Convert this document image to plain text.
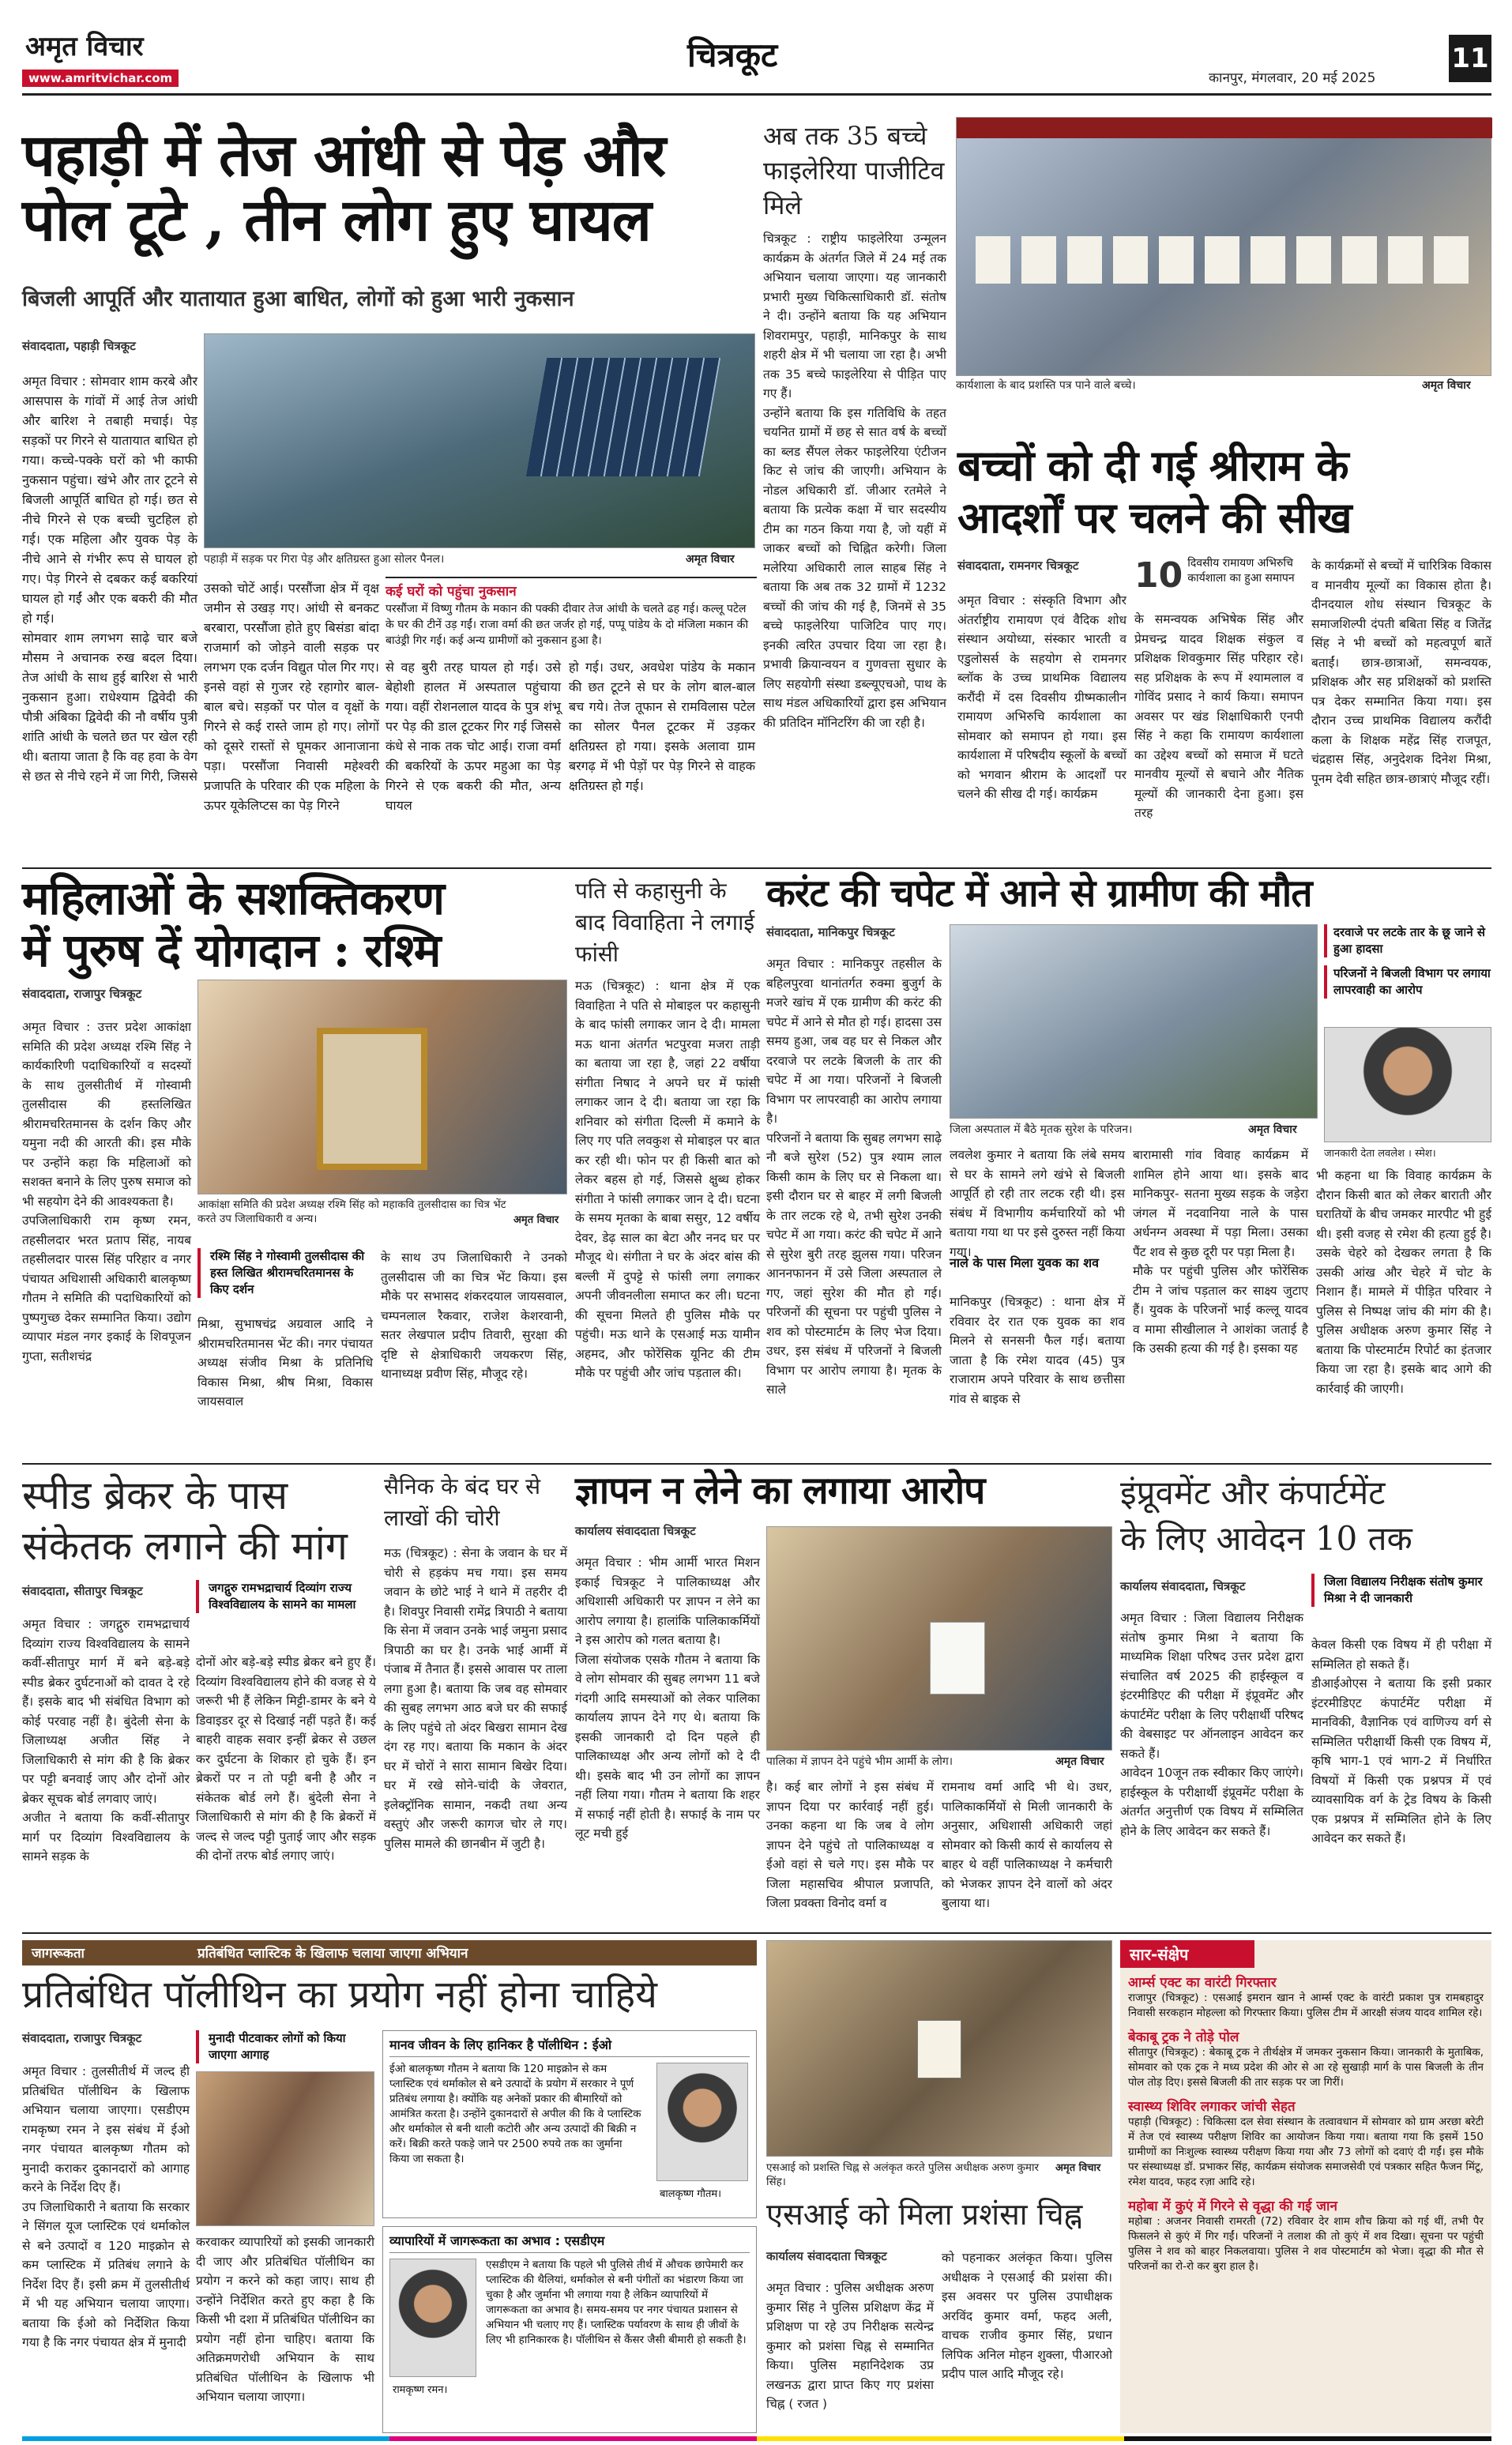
अमृत विचार
www.amritvichar.com
चित्रकूट
कानपुर, मंगलवार, 20 मई 2025
11
पहाड़ी में तेज आंधी से पेड़ और
पोल टूटे , तीन लोग हुए घायल
बिजली आपूर्ति और यातायात हुआ बाधित, लोगों को हुआ भारी नुकसान
संवाददाता, पहाड़ी चित्रकूट
अमृत विचार : सोमवार शाम करबे और आसपास के गांवों में आई तेज आंधी और बारिश ने तबाही मचाई। पेड़ सड़कों पर गिरने से यातायात बाधित हो गया। कच्चे-पक्के घरों को भी काफी नुकसान पहुंचा। खंभे और तार टूटने से बिजली आपूर्ति बाधित हो गई। छत से नीचे गिरने से एक बच्ची चुटहिल हो गई। एक महिला और युवक पेड़ के नीचे आने से गंभीर रूप से घायल हो गए। पेड़ गिरने से दबकर कई बकरियां घायल हो गईं और एक बकरी की मौत हो गई।
सोमवार शाम लगभग साढ़े चार बजे मौसम ने अचानक रुख बदल दिया। तेज आंधी के साथ हुई बारिश से भारी नुकसान हुआ। राधेश्याम द्विवेदी की पौत्री अंबिका द्विवेदी की नौ वर्षीय पुत्री शांति आंधी के चलते छत पर खेल रही थी। बताया जाता है कि वह हवा के वेग से छत से नीचे रहने में जा गिरी, जिससे
पहाड़ी में सड़क पर गिरा पेड़ और क्षतिग्रस्त हुआ सोलर पैनल।	अमृत विचार
उसको चोटें आई। परसौंजा क्षेत्र में वृक्ष जमीन से उखड़ गए। आंधी से बनकट बरबारा, परसौंजा होते हुए बिसंडा बांदा राजमार्ग को जोड़ने वाली सड़क पर लगभग एक दर्जन विद्युत पोल गिर गए। इनसे वहां से गुजर रहे रहागोर बाल-बाल बचे। सड़कों पर पोल व वृक्षों के गिरने से कई रास्ते जाम हो गए। लोगों को दूसरे रास्तों से घूमकर आनाजाना पड़ा। परसौंजा निवासी महेश्वरी प्रजापति के परिवार की एक महिला के ऊपर यूकेलिप्टस का पेड़ गिरने
कई घरों को पहुंचा नुकसान
परसौंजा में विष्णु गौतम के मकान की पक्की दीवार तेज आंधी के चलते ढह गई। कल्लू पटेल के घर की टीनें उड़ गईं। राजा वर्मा की छत जर्जर हो गई, पप्पू पांडेय के दो मंजिला मकान की बाउंड्री गिर गई। कई अन्य ग्रामीणों को नुकसान हुआ है।
से वह बुरी तरह घायल हो गई। उसे बेहोशी हालत में अस्पताल पहुंचाया गया। वहीं रोशनलाल यादव के पुत्र शंभू पर पेड़ की डाल टूटकर गिर गई जिससे कंधे से नाक तक चोट आई। राजा वर्मा की बकरियों के ऊपर महुआ का पेड़ गिरने से एक बकरी की मौत, अन्य घायल
हो गई। उधर, अवधेश पांडेय के मकान की छत टूटने से घर के लोग बाल-बाल बच गये। तेज तूफान से रामविलास पटेल का सोलर पैनल टूटकर में उड़कर क्षतिग्रस्त हो गया। इसके अलावा ग्राम बरगढ़ में भी पेड़ों पर पेड़ गिरने से वाहक क्षतिग्रस्त हो गई।
अब तक 35 बच्चे फाइलेरिया पाजीटिव मिले
चित्रकूट : राष्ट्रीय फाइलेरिया उन्मूलन कार्यक्रम के अंतर्गत जिले में 24 मई तक अभियान चलाया जाएगा। यह जानकारी प्रभारी मुख्य चिकित्साधिकारी डॉ. संतोष ने दी। उन्होंने बताया कि यह अभियान शिवरामपुर, पहाड़ी, मानिकपुर के साथ शहरी क्षेत्र में भी चलाया जा रहा है। अभी तक 35 बच्चे फाइलेरिया से पीड़ित पाए गए हैं।
उन्होंने बताया कि इस गतिविधि के तहत चयनित ग्रामों में छह से सात वर्ष के बच्चों का ब्लड सैंपल लेकर फाइलेरिया एंटीजन किट से जांच की जाएगी। अभियान के नोडल अधिकारी डॉ. जीआर रतमेले ने बताया कि प्रत्येक कक्षा में चार सदस्यीय टीम का गठन किया गया है, जो यहीं में जाकर बच्चों को चिह्नित करेगी। जिला मलेरिया अधिकारी लाल साहब सिंह ने बताया कि अब तक 32 ग्रामों में 1232 बच्चों की जांच की गई है, जिनमें से 35 बच्चे फाइलेरिया पाजिटिव पाए गए। इनकी त्वरित उपचार दिया जा रहा है। प्रभावी क्रियान्वयन व गुणवत्ता सुधार के लिए सहयोगी संस्था डब्ल्यूएचओ, पाथ के साथ मंडल अधिकारियों द्वारा इस अभियान की प्रतिदिन मॉनिटरिंग की जा रही है।
कार्यशाला के बाद प्रशस्ति पत्र पाने वाले बच्चे।	अमृत विचार
बच्चों को दी गई श्रीराम के
आदर्शों पर चलने की सीख
संवाददाता, रामनगर चित्रकूट
अमृत विचार : संस्कृति विभाग और अंतर्राष्ट्रीय रामायण एवं वैदिक शोध संस्थान अयोध्या, संस्कार भारती व एडुलोसर्स के सहयोग से रामनगर ब्लॉक के उच्च प्राथमिक विद्यालय करौंदी में दस दिवसीय ग्रीष्मकालीन रामायण अभिरुचि कार्यशाला का सोमवार को समापन हो गया। इस कार्यशाला में परिषदीय स्कूलों के बच्चों को भगवान श्रीराम के आदर्शों पर चलने की सीख दी गई। कार्यक्रम
10 दिवसीय रामायण अभिरुचि कार्यशाला का हुआ समापन
के समन्वयक अभिषेक सिंह और प्रेमचन्द्र यादव शिक्षक संकुल व प्रशिक्षक शिवकुमार सिंह परिहार रहे। सह प्रशिक्षक के रूप में श्यामलाल व गोविंद प्रसाद ने कार्य किया। समापन अवसर पर खंड शिक्षाधिकारी एनपी सिंह ने कहा कि रामायण कार्यशाला का उद्देश्य बच्चों को समाज में घटते मानवीय मूल्यों से बचाने और नैतिक मूल्यों की जानकारी देना हुआ। इस तरह
के कार्यक्रमों से बच्चों में चारित्रिक विकास व मानवीय मूल्यों का विकास होता है। दीनदयाल शोध संस्थान चित्रकूट के समाजशिल्पी दंपती बबिता सिंह व जितेंद्र सिंह ने भी बच्चों को महत्वपूर्ण बातें बताईं। छात्र-छात्राओं, समन्वयक, प्रशिक्षक और सह प्रशिक्षकों को प्रशस्ति पत्र देकर सम्मानित किया गया। इस दौरान उच्च प्राथमिक विद्यालय करौंदी कला के शिक्षक महेंद्र सिंह राजपूत, चंद्रहास सिंह, अनुदेशक दिनेश मिश्रा, पूनम देवी सहित छात्र-छात्राएं मौजूद रहीं।
महिलाओं के सशक्तिकरण
में पुरुष दें योगदान : रश्मि
संवाददाता, राजापुर चित्रकूट
अमृत विचार : उत्तर प्रदेश आकांक्षा समिति की प्रदेश अध्यक्ष रश्मि सिंह ने कार्यकारिणी पदाधिकारियों व सदस्यों के साथ तुलसीतीर्थ में गोस्वामी तुलसीदास की हस्तलिखित श्रीरामचरितमानस के दर्शन किए और यमुना नदी की आरती की। इस मौके पर उन्होंने कहा कि महिलाओं को सशक्त बनाने के लिए पुरुष समाज को भी सहयोग देने की आवश्यकता है।
उपजिलाधिकारी राम कृष्ण रमन, तहसीलदार भरत प्रताप सिंह, नायब तहसीलदार पारस सिंह परिहार व नगर पंचायत अधिशासी अधिकारी बालकृष्ण गौतम ने समिति की पदाधिकारियों को पुष्पगुच्छ देकर सम्मानित किया। उद्योग व्यापार मंडल नगर इकाई के शिवपूजन गुप्ता, सतीशचंद्र
आकांक्षा समिति की प्रदेश अध्यक्ष रश्मि सिंह को महाकवि तुलसीदास का चित्र भेंट करते उप जिलाधिकारी व अन्य।	अमृत विचार
रश्मि सिंह ने गोस्वामी तुलसीदास की हस्त लिखित श्रीरामचरितमानस के किए दर्शन
मिश्रा, सुभाषचंद्र अग्रवाल आदि ने श्रीरामचरितमानस भेंट की। नगर पंचायत अध्यक्ष संजीव मिश्रा के प्रतिनिधि विकास मिश्रा, श्रीष मिश्रा, विकास जायसवाल
के साथ उप जिलाधिकारी ने उनको तुलसीदास जी का चित्र भेंट किया। इस मौके पर सभासद शंकरदयाल जायसवाल, चम्पनलाल रैकवार, राजेश केशरवानी, सतर लेखपाल प्रदीप तिवारी, सुरक्षा की दृष्टि से क्षेत्राधिकारी जयकरण सिंह, थानाध्यक्ष प्रवीण सिंह, मौजूद रहे।
पति से कहासुनी के बाद विवाहिता ने लगाई फांसी
मऊ (चित्रकूट) : थाना क्षेत्र में एक विवाहिता ने पति से मोबाइल पर कहासुनी के बाद फांसी लगाकर जान दे दी। मामला मऊ थाना अंतर्गत भटपुरवा मजरा ताड़ी का बताया जा रहा है, जहां 22 वर्षीया संगीता निषाद ने अपने घर में फांसी लगाकर जान दे दी। बताया जा रहा कि शनिवार को संगीता दिल्ली में कमाने के लिए गए पति लवकुश से मोबाइल पर बात कर रही थी। फोन पर ही किसी बात को लेकर बहस हो गई, जिससे क्षुब्ध होकर संगीता ने फांसी लगाकर जान दे दी। घटना के समय मृतका के बाबा ससुर, 12 वर्षीय देवर, डेढ़ साल का बेटा और ननद घर पर मौजूद थे। संगीता ने घर के अंदर बांस की बल्ली में दुपट्टे से फांसी लगा लगाकर अपनी जीवनलीला समाप्त कर ली। घटना की सूचना मिलते ही पुलिस मौके पर पहुंची। मऊ थाने के एसआई मऊ यामीन अहमद, और फोरेंसिक यूनिट की टीम मौके पर पहुंची और जांच पड़ताल की।
करंट की चपेट में आने से ग्रामीण की मौत
संवाददाता, मानिकपुर चित्रकूट
अमृत विचार : मानिकपुर तहसील के बहिलपुरवा थानांतर्गत रुक्मा बुजुर्ग के मजरे खांच में एक ग्रामीण की करंट की चपेट में आने से मौत हो गई। हादसा उस समय हुआ, जब वह घर से निकल और दरवाजे पर लटके बिजली के तार की चपेट में आ गया। परिजनों ने बिजली विभाग पर लापरवाही का आरोप लगाया है।
परिजनों ने बताया कि सुबह लगभग साढ़े नौ बजे सुरेश (52) पुत्र श्याम लाल किसी काम के लिए घर से निकला था। इसी दौरान घर से बाहर में लगी बिजली के तार लटक रहे थे, तभी सुरेश उनकी चपेट में आ गया। करंट की चपेट में आने से सुरेश बुरी तरह झुलस गया। परिजन आननफानन में उसे जिला अस्पताल ले गए, जहां सुरेश की मौत हो गई। परिजनों की सूचना पर पहुंची पुलिस ने शव को पोस्टमार्टम के लिए भेज दिया। उधर, इस संबंध में परिजनों ने बिजली विभाग पर आरोप लगाया है। मृतक के साले
जिला अस्पताल में बैठे मृतक सुरेश के परिजन।	अमृत विचार
दरवाजे पर लटके तार के छू जाने से हुआ हादसा
परिजनों ने बिजली विभाग पर लगाया लापरवाही का आरोप
जानकारी देता लवलेश । स्मेश।
लवलेश कुमार ने बताया कि लंबे समय से घर के सामने लगे खंभे से बिजली आपूर्ति हो रही तार लटक रही थी। इस संबंध में विभागीय कर्मचारियों को भी बताया गया था पर इसे दुरुस्त नहीं किया गया।
नाले के पास मिला युवक का शव
मानिकपुर (चित्रकूट) : थाना क्षेत्र में रविवार देर रात एक युवक का शव मिलने से सनसनी फैल गई। बताया जाता है कि रमेश यादव (45) पुत्र राजाराम अपने परिवार के साथ छत्तीसा गांव से बाइक से
बारामासी गांव विवाह कार्यक्रम में शामिल होने आया था। इसके बाद मानिकपुर- सतना मुख्य सड़क के जड़ेरा जंगल में नदवानिया नाले के पास अर्धनग्न अवस्था में पड़ा मिला। उसका पैंट शव से कुछ दूरी पर पड़ा मिला है।
मौके पर पहुंची पुलिस और फोरेंसिक टीम ने जांच पड़ताल कर साक्ष्य जुटाए हैं। युवक के परिजनों भाई कल्लू यादव व मामा सीखीलाल ने आशंका जताई है कि उसकी हत्या की गई है। इसका यह
भी कहना था कि विवाह कार्यक्रम के दौरान किसी बात को लेकर बाराती और घरातियों के बीच जमकर मारपीट भी हुई थी। इसी वजह से रमेश की हत्या हुई है। उसके चेहरे को देखकर लगता है कि उसकी आंख और चेहरे में चोट के निशान हैं। मामले में पीड़ित परिवार ने पुलिस से निष्पक्ष जांच की मांग की है। पुलिस अधीक्षक अरुण कुमार सिंह ने बताया कि पोस्टमार्टम रिपोर्ट का इंतजार किया जा रहा है। इसके बाद आगे की कार्रवाई की जाएगी।
स्पीड ब्रेकर के पास
संकेतक लगाने की मांग
संवाददाता, सीतापुर चित्रकूट	जगद्गुरु रामभद्राचार्य दिव्यांग राज्य विश्वविद्यालय के सामने का मामला
अमृत विचार : जगद्गुरु रामभद्राचार्य दिव्यांग राज्य विश्वविद्यालय के सामने कर्वी-सीतापुर मार्ग में बने बड़े-बड़े स्पीड ब्रेकर दुर्घटनाओं को दावत दे रहे हैं। इसके बाद भी संबंधित विभाग को कोई परवाह नहीं है। बुंदेली सेना के जिलाध्यक्ष अजीत सिंह ने जिलाधिकारी से मांग की है कि ब्रेकर पर पट्टी बनवाई जाए और दोनों ओर ब्रेकर सूचक बोर्ड लगवाए जाएं।
अजीत ने बताया कि कर्वी-सीतापुर मार्ग पर दिव्यांग विश्वविद्यालय के सामने सड़क के
दोनों ओर बड़े-बड़े स्पीड ब्रेकर बने हुए हैं। दिव्यांग विश्वविद्यालय होने की वजह से ये जरूरी भी हैं लेकिन मिट्टी-डामर के बने ये डिवाइडर दूर से दिखाई नहीं पड़ते हैं। कई बाहरी वाहक सवार इन्हीं ब्रेकर से उछल कर दुर्घटना के शिकार हो चुके हैं। इन ब्रेकरों पर न तो पट्टी बनी है और न संकेतक बोर्ड लगे हैं। बुंदेली सेना ने जिलाधिकारी से मांग की है कि ब्रेकरों में जल्द से जल्द पट्टी पुताई जाए और सड़क की दोनों तरफ बोर्ड लगाए जाएं।
सैनिक के बंद घर से लाखों की चोरी
मऊ (चित्रकूट) : सेना के जवान के घर में चोरी से हड़कंप मच गया। इस समय जवान के छोटे भाई ने थाने में तहरीर दी है। शिवपुर निवासी रामेंद्र त्रिपाठी ने बताया कि सेना में जवान उनके भाई जमुना प्रसाद त्रिपाठी का घर है। उनके भाई आर्मी में पंजाब में तैनात हैं। इससे आवास पर ताला लगा हुआ है। बताया कि जब वह सोमवार की सुबह लगभग आठ बजे घर की सफाई के लिए पहुंचे तो अंदर बिखरा सामान देख दंग रह गए। बताया कि मकान के अंदर घर में चोरों ने सारा सामान बिखेर दिया। घर में रखे सोने-चांदी के जेवरात, इलेक्ट्रॉनिक सामान, नकदी तथा अन्य वस्तुएं और जरूरी कागज चोर ले गए। पुलिस मामले की छानबीन में जुटी है।
ज्ञापन न लेने का लगाया आरोप
कार्यालय संवाददाता चित्रकूट
अमृत विचार : भीम आर्मी भारत मिशन इकाई चित्रकूट ने पालिकाध्यक्ष और अधिशासी अधिकारी पर ज्ञापन न लेने का आरोप लगाया है। हालांकि पालिकाकर्मियों ने इस आरोप को गलत बताया है।
जिला संयोजक एसके गौतम ने बताया कि वे लोग सोमवार की सुबह लगभग 11 बजे गंदगी आदि समस्याओं को लेकर पालिका कार्यालय ज्ञापन देने गए थे। बताया कि इसकी जानकारी दो दिन पहले ही पालिकाध्यक्ष और अन्य लोगों को दे दी थी। इसके बाद भी उन लोगों का ज्ञापन नहीं लिया गया। गौतम ने बताया कि शहर में सफाई नहीं होती है। सफाई के नाम पर लूट मची हुई
पालिका में ज्ञापन देने पहुंचे भीम आर्मी के लोग।	अमृत विचार
है। कई बार लोगों ने इस संबंध में ज्ञापन दिया पर कार्रवाई नहीं हुई। उनका कहना था कि जब वे लोग ज्ञापन देने पहुंचे तो पालिकाध्यक्ष व ईओ वहां से चले गए। इस मौके पर जिला महासचिव श्रीपाल प्रजापति, जिला प्रवक्ता विनोद वर्मा व
रामनाथ वर्मा आदि भी थे। उधर, पालिकाकर्मियों से मिली जानकारी के अनुसार, अधिशासी अधिकारी जहां सोमवार को किसी कार्य से कार्यालय से बाहर थे वहीं पालिकाध्यक्ष ने कर्मचारी को भेजकर ज्ञापन देने वालों को अंदर बुलाया था।
इंप्रूवमेंट और कंपार्टमेंट
के लिए आवेदन 10 तक
कार्यालय संवाददाता, चित्रकूट	जिला विद्यालय निरीक्षक संतोष कुमार मिश्रा ने दी जानकारी
अमृत विचार : जिला विद्यालय निरीक्षक संतोष कुमार मिश्रा ने बताया कि माध्यमिक शिक्षा परिषद उत्तर प्रदेश द्वारा संचालित वर्ष 2025 की हाईस्कूल व इंटरमीडिएट की परीक्षा में इंप्रूवमेंट और कंपार्टमेंट परीक्षा के लिए परीक्षार्थी परिषद की वेबसाइट पर ऑनलाइन आवेदन कर सकते हैं।
आवेदन 10जून तक स्वीकार किए जाएंगे। हाईस्कूल के परीक्षार्थी इंप्रूवमेंट परीक्षा के अंतर्गत अनुत्तीर्ण एक विषय में सम्मिलित होने के लिए आवेदन कर सकते हैं।
केवल किसी एक विषय में ही परीक्षा में सम्मिलित हो सकते हैं।
डीआईओएस ने बताया कि इसी प्रकार इंटरमीडिएट कंपार्टमेंट परीक्षा में मानविकी, वैज्ञानिक एवं वाणिज्य वर्ग से सम्मिलित परीक्षार्थी किसी एक विषय में, कृषि भाग-1 एवं भाग-2 में निर्धारित विषयों में किसी एक प्रश्नपत्र में एवं व्यावसायिक वर्ग के ट्रेड विषय के किसी एक प्रश्नपत्र में सम्मिलित होने के लिए आवेदन कर सकते हैं।
जागरूकता	प्रतिबंधित प्लास्टिक के खिलाफ चलाया जाएगा अभियान
प्रतिबंधित पॉलीथिन का प्रयोग नहीं होना चाहिये
संवाददाता, राजापुर चित्रकूट
अमृत विचार : तुलसीतीर्थ में जल्द ही प्रतिबंधित पॉलीथिन के खिलाफ अभियान चलाया जाएगा। एसडीएम रामकृष्ण रमन ने इस संबंध में ईओ नगर पंचायत बालकृष्ण गौतम को मुनादी कराकर दुकानदारों को आगाह करने के निर्देश दिए हैं।
उप जिलाधिकारी ने बताया कि सरकार ने सिंगल यूज प्लास्टिक एवं थर्माकोल से बने उत्पादों व 120 माइक्रोन से कम प्लास्टिक में प्रतिबंध लगाने के निर्देश दिए हैं। इसी क्रम में तुलसीतीर्थ में भी यह अभियान चलाया जाएगा। बताया कि ईओ को निर्देशित किया गया है कि नगर पंचायत क्षेत्र में मुनादी
मुनादी पीटवाकर लोगों को किया जाएगा आगाह
करवाकर व्यापारियों को इसकी जानकारी दी जाए और प्रतिबंधित पॉलीथिन का प्रयोग न करने को कहा जाए। साथ ही उन्होंने निर्देशित करते हुए कहा है कि किसी भी दशा में प्रतिबंधित पॉलीथिन का प्रयोग नहीं होना चाहिए। बताया कि अतिक्रमणरोधी अभियान के साथ प्रतिबंधित पॉलीथिन के खिलाफ भी अभियान चलाया जाएगा।
मानव जीवन के लिए हानिकर है पॉलीथिन : ईओ
ईओ बालकृष्ण गौतम ने बताया कि 120 माइक्रोन से कम प्लास्टिक एवं थर्माकोल से बने उत्पादों के प्रयोग में सरकार ने पूर्ण प्रतिबंध लगाया है। क्योंकि यह अनेकों प्रकार की बीमारियों को आमंत्रित करता है। उन्होंने दुकानदारों से अपील की कि वे प्लास्टिक और थर्माकोल से बनी थाली कटोरी और अन्य उत्पादों की बिक्री न करें। बिक्री करते पकड़े जाने पर 2500 रुपये तक का जुर्माना किया जा सकता है।
बालकृष्ण गौतम।
व्यापारियों में जागरूकता का अभाव : एसडीएम
रामकृष्ण रमन।
एसडीएम ने बताया कि पहले भी पुलिसे तीर्थ में औचक छापेमारी कर प्लास्टिक की थैलियां, थर्माकोल से बनी पंगीतों का भंडारण किया जा चुका है और जुर्माना भी लगाया गया है लेकिन व्यापारियों में जागरूकता का अभाव है। समय-समय पर नगर पंचायत प्रशासन से अभियान भी चलाए गए हैं। प्लास्टिक पर्यावरण के साथ ही जीवों के लिए भी हानिकारक है। पॉलीथिन से कैंसर जैसी बीमारी हो सकती है।
एसआई को प्रशस्ति चिह्न से अलंकृत करते पुलिस अधीक्षक अरुण कुमार सिंह।
अमृत विचार
एसआई को मिला प्रशंसा चिह्न
कार्यालय संवाददाता चित्रकूट
अमृत विचार : पुलिस अधीक्षक अरुण कुमार सिंह ने पुलिस प्रशिक्षण केंद्र में प्रशिक्षण पा रहे उप निरीक्षक सत्येन्द्र कुमार को प्रशंसा चिह्न से सम्मानित किया। पुलिस महानिदेशक उप्र लखनऊ द्वारा प्राप्त किए गए प्रशंसा चिह्न ( रजत )
को पहनाकर अलंकृत किया। पुलिस अधीक्षक ने एसआई की प्रशंसा की। इस अवसर पर पुलिस उपाधीक्षक अरविंद कुमार वर्मा, फहद अली, वाचक राजीव कुमार सिंह, प्रधान लिपिक अनिल मोहन शुक्ला, पीआरओ प्रदीप पाल आदि मौजूद रहे।
सार-संक्षेप
आर्म्स एक्ट का वारंटी गिरफ्तार
राजापुर (चित्रकूट) : एसआई इमरान खान ने आर्म्स एक्ट के वारंटी प्रकाश पुत्र रामबहादुर निवासी सरकहान मोहल्ला को गिरफ्तार किया। पुलिस टीम में आरक्षी संजय यादव शामिल रहे।
बेकाबू ट्रक ने तोड़े पोल
सीतापुर (चित्रकूट) : बेकाबू ट्रक ने तीर्थक्षेत्र में जमकर नुकसान किया। जानकारी के मुताबिक, सोमवार को एक ट्रक ने मध्य प्रदेश की ओर से आ रहे सुखाड़ी मार्ग के पास बिजली के तीन पोल तोड़ दिए। इससे बिजली की तार सड़क पर जा गिरीं।
स्वास्थ्य शिविर लगाकर जांची सेहत
पहाड़ी (चित्रकूट) : चिकित्सा दल सेवा संस्थान के तत्वावधान में सोमवार को ग्राम अरछा बरेटी में तेज एवं स्वास्थ्य परीक्षण शिविर का आयोजन किया गया। बताया गया कि इसमें 150 ग्रामीणों का निःशुल्क स्वास्थ्य परीक्षण किया गया और 73 लोगों को दवाएं दी गईं। इस मौके पर संस्थाध्यक्ष डॉ. प्रभाकर सिंह, कार्यक्रम संयोजक समाजसेवी एवं पत्रकार सहित फैजन मिंटू, रमेश यादव, फहद रज़ा आदि रहे।
महोबा में कुएं में गिरने से वृद्धा की गई जान
महोबा : अजनर निवासी रामरती (72) रविवार देर शाम शौच क्रिया को गई थीं, तभी पैर फिसलने से कुएं में गिर गईं। परिजनों ने तलाश की तो कुएं में शव दिखा। सूचना पर पहुंची पुलिस ने शव को बाहर निकलवाया। पुलिस ने शव पोस्टमार्टम को भेजा। वृद्धा की मौत से परिजनों का रो-रो कर बुरा हाल है।
